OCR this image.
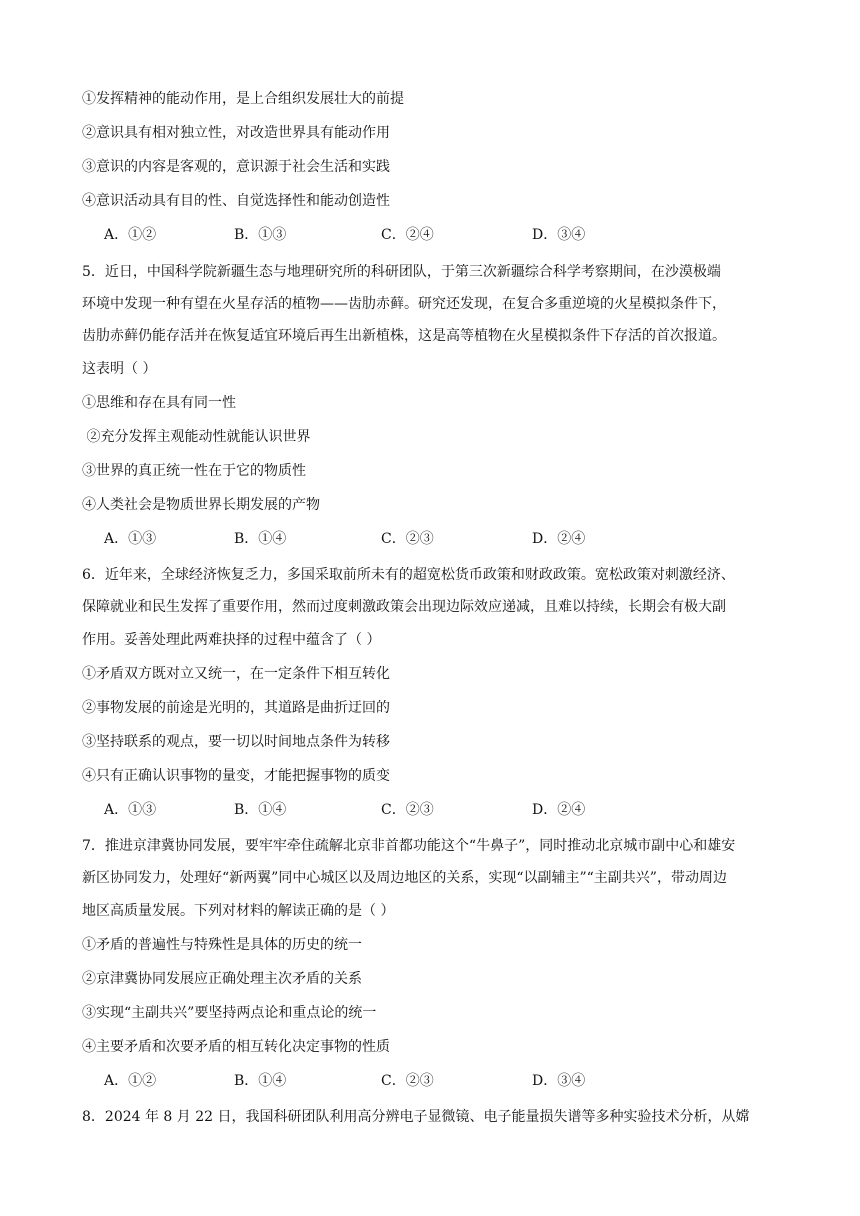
①发挥精神的能动作用，是上合组织发展壮大的前提
②意识具有相对独立性，对改造世界具有能动作用
③意识的内容是客观的，意识源于社会生活和实践
④意识活动具有目的性、自觉选择性和能动创造性
A．①②	B．①③	C．②④	D．③④
5．近日，中国科学院新疆生态与地理研究所的科研团队，于第三次新疆综合科学考察期间，在沙漠极端
环境中发现一种有望在火星存活的植物——齿肋赤藓。研究还发现，在复合多重逆境的火星模拟条件下，
齿肋赤藓仍能存活并在恢复适宜环境后再生出新植株，这是高等植物在火星模拟条件下存活的首次报道。
这表明（ ）
①思维和存在具有同一性
②充分发挥主观能动性就能认识世界
③世界的真正统一性在于它的物质性
④人类社会是物质世界长期发展的产物
A．①③	B．①④	C．②③	D．②④
6．近年来，全球经济恢复乏力，多国采取前所未有的超宽松货币政策和财政政策。宽松政策对刺激经济、
保障就业和民生发挥了重要作用，然而过度刺激政策会出现边际效应递减，且难以持续，长期会有极大副
作用。妥善处理此两难抉择的过程中蕴含了（ ）
①矛盾双方既对立又统一，在一定条件下相互转化
②事物发展的前途是光明的，其道路是曲折迂回的
③坚持联系的观点，要一切以时间地点条件为转移
④只有正确认识事物的量变，才能把握事物的质变
A．①③	B．①④	C．②③	D．②④
7．推进京津冀协同发展，要牢牢牵住疏解北京非首都功能这个“牛鼻子”，同时推动北京城市副中心和雄安
新区协同发力，处理好“新两翼”同中心城区以及周边地区的关系，实现“以副辅主”“主副共兴”，带动周边
地区高质量发展。下列对材料的解读正确的是（ ）
①矛盾的普遍性与特殊性是具体的历史的统一
②京津冀协同发展应正确处理主次矛盾的关系
③实现“主副共兴”要坚持两点论和重点论的统一
④主要矛盾和次要矛盾的相互转化决定事物的性质
A．①②	B．①④	C．②③	D．③④
8．2024 年 8 月 22 日，我国科研团队利用高分辨电子显微镜、电子能量损失谱等多种实验技术分析，从嫦
